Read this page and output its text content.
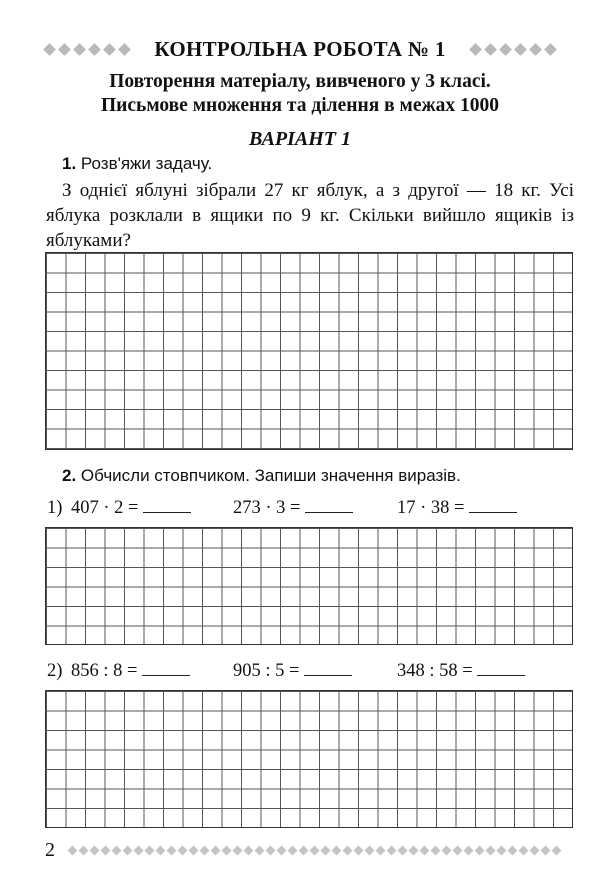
КОНТРОЛЬНА РОБОТА № 1
Повторення матеріалу, вивченого у 3 класі.
Письмове множення та ділення в межах 1000
ВАРІАНТ 1
1. Розв'яжи задачу.
З однієї яблуні зібрали 27 кг яблук, а з другої — 18 кг. Усі яблука розклали в ящики по 9 кг. Скільки вийшло ящиків із яблуками?
2. Обчисли стовпчиком. Запиши значення виразів.
1) 407 · 2 =	273 · 3 =	17 · 38 =
2) 856 : 8 =	905 : 5 =	348 : 58 =
2
